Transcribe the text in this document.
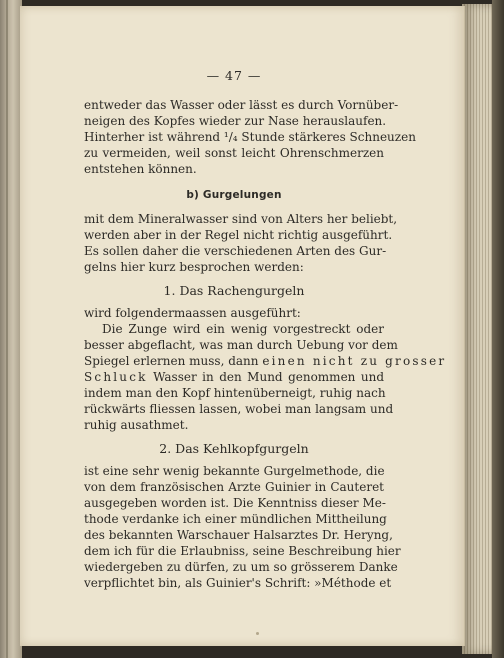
— 47 —
entweder das Wasser oder lässt es durch Vornüber-
neigen des Kopfes wieder zur Nase herauslaufen.
Hinterher ist während ¹/₄ Stunde stärkeres Schneuzen
zu vermeiden, weil sonst leicht Ohrenschmerzen
entstehen können.
b) Gurgelungen
mit dem Mineralwasser sind von Alters her beliebt,
werden aber in der Regel nicht richtig ausgeführt.
Es sollen daher die verschiedenen Arten des Gur-
gelns hier kurz besprochen werden:
1. Das Rachengurgeln
wird folgendermaassen ausgeführt:
Die Zunge wird ein wenig vorgestreckt oder
besser abgeflacht, was man durch Uebung vor dem
Spiegel erlernen muss, dann einen nicht zu grosser
Schluck Wasser in den Mund genommen und
indem man den Kopf hintenüberneigt, ruhig nach
rückwärts fliessen lassen, wobei man langsam und
ruhig ausathmet.
2. Das Kehlkopfgurgeln
ist eine sehr wenig bekannte Gurgelmethode, die
von dem französischen Arzte Guinier in Cauteret
ausgegeben worden ist. Die Kenntniss dieser Me-
thode verdanke ich einer mündlichen Mittheilung
des bekannten Warschauer Halsarztes Dr. Heryng,
dem ich für die Erlaubniss, seine Beschreibung hier
wiedergeben zu dürfen, zu um so grösserem Danke
verpflichtet bin, als Guinier's Schrift: »Méthode et
